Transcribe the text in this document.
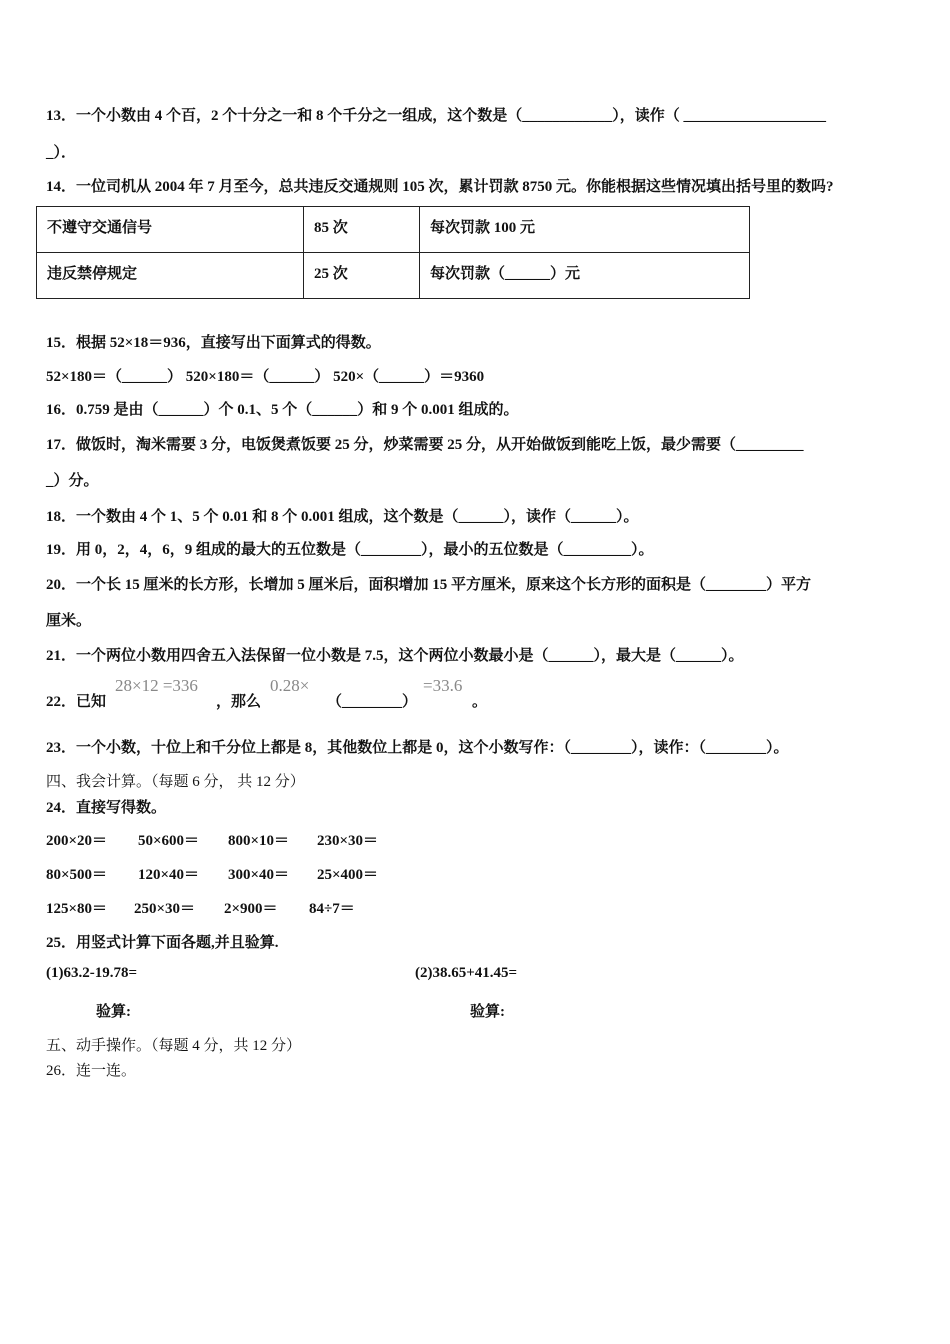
13．一个小数由 4 个百，2 个十分之一和 8 个千分之一组成，这个数是（____________），读作（ ___________________
_）．
14．一位司机从 2004 年 7 月至今，总共违反交通规则 105 次，累计罚款 8750 元。你能根据这些情况填出括号里的数吗?
不遵守交通信号	85 次	每次罚款 100 元
违反禁停规定	25 次	每次罚款（______）元
15．根据 52×18＝936，直接写出下面算式的得数。
52×180＝（______） 520×180＝（______） 520×（______）＝9360
16．0.759 是由（______）个 0.1、5 个（______）和 9 个 0.001 组成的。
17．做饭时，淘米需要 3 分，电饭煲煮饭要 25 分，炒菜需要 25 分，从开始做饭到能吃上饭，最少需要（_________
_）分。
18．一个数由 4 个 1、5 个 0.01 和 8 个 0.001 组成，这个数是（______），读作（______）。
19．用 0，2，4，6，9 组成的最大的五位数是（________），最小的五位数是（_________）。
20．一个长 15 厘米的长方形，长增加 5 厘米后，面积增加 15 平方厘米，原来这个长方形的面积是（________）平方
厘米。
21．一个两位小数用四舍五入法保留一位小数是 7.5，这个两位小数最小是（______），最大是（______）。
22．已知
28×12 =336
，那么
0.28×
（________）
=33.6
。
23．一个小数，十位上和千分位上都是 8，其他数位上都是 0，这个小数写作：（________），读作：（________）。
四、我会计算。（每题 6 分， 共 12 分）
24．直接写得数。
200×20＝ 50×600＝ 800×10＝ 230×30＝
80×500＝ 120×40＝ 300×40＝ 25×400＝
125×80＝ 250×30＝ 2×900＝ 84÷7＝
25．用竖式计算下面各题,并且验算.
(1)63.2-19.78=	(2)38.65+41.45=
验算:	验算:
五、动手操作。（每题 4 分，共 12 分）
26．连一连。
